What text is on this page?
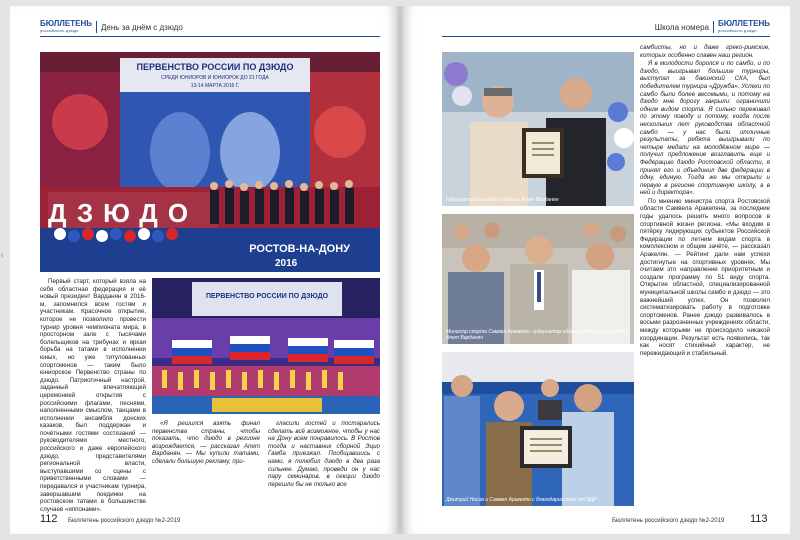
‹
БЮЛЛЕТЕНЬ
российского дзюдо	День за днём с дзюдо
ПЕРВЕНСТВО РОССИИ ПО ДЗЮДО
СРЕДИ ЮНИОРОВ И ЮНИОРОК ДО 21 ГОДА
13-14 МАРТА 2016 Г.
ДЗЮДО
РОСТОВ-НА-ДОНУ
2016

Первый старт, который взяла на себя областная федерация и её новый президент Варданян в 2016-м, запомнился всем гостям и участникам. Красочное открытие, которое не позволило провести турнир уровня чемпионата мира, в просторном зале с тысячами болельщиков на трибунах и яркая борьба на татами в исполнении юных, но уже титулованных спортсменов — таким было юниорское Первенство страны по дзюдо. Патриотичный настрой, заданный впечатляющей церемонией открытия с российскими флагами, песнями, наполненными смыслом, танцами в исполнении ансамбля донских казаков, был поддержан и почётными гостями состязаний — руководителями местного, российского и даже европейского дзюдо, представителями региональной власти, выступавшими со сцены с приветственными словами — передавался и участникам турнира, завершавшим поединки на ростовском татами в большинстве случаев «иппонами».

ПЕРВЕНСТВО РОССИИ ПО ДЗЮДО

«Я решился взять финал первенства страны, чтобы показать, что дзюдо в регионе возрождается, — рассказал Апет Варданян. — Мы купили татами, сделали большую рекламу, при-

гласили гостей и постарались сделать всё возможное, чтобы у нас на Дону всем понравилось. В Ростов тогда и наставник сборной Эцио Гамба приезжал. Пообщавшись с нами, я полюбил дзюдо в два раза сильнее. Думаю, проведи он у нас пару семинаров, в секции дзюдо перешли бы не только все

112 Бюллетень российского дзюдо №2-2019
Школа номера БЮЛЛЕТЕНЬ
российского дзюдо
Губернатор Василий Голубев и Апет Варданян
Министр спорта Самвел Аракелян, губернатор области Василий Голубев и Апет Варданян
Дмитрий Носов и Самвел Аракелян с благодарностью от ФДР

самбисты, но и даже греко-римские, которых особенно славен наш регион.

Я в молодости боролся и по самбо, и по дзюдо, выигрывал большие турниры, выступал за бакинский СКА, был победителем турнира «Дружба». Успехи по самбо были более весомыми, и потому на дзюдо мне дорогу закрыли: ограничили одним видом спорта. Я сильно переживал по этому поводу и потому, когда после нескольких лет руководства областной самбо — у нас были отличные результаты, ребята выигрывали по четыре медали на молодёжном мире — получил предложение возглавить еще и Федерацию дзюдо Ростовской области, я принял его и объединил две федерации в одну, единую. Тогда же мы открыли и первую в регионе спортивную школу, а в ней и директора».

По мнению министра спорта Ростовской области Самвела Аракеляна, за последние годы удалось решить много вопросов в спортивной жизни региона. «Мы входим в пятёрку лидирующих субъектов Российской Федерации по летним видам спорта в комплексном и общем зачёте, — рассказал Аракелян. — Рейтинг дали нам успехи достигнутые на спортивных уровнях. Мы считаем это направление приоритетным и создали программу по 51 виду спорта. Открытие областной, специализированной муниципальной школы самбо и дзюдо — это важнейший успех. Он позволил систематизировать работу в подготовке спортсменов. Ранее дзюдо развивалось в восьми разрозненных учреждениях области, между которыми не происходило никакой координации. Результат есть появились, так как носят стихийный характер, не пережидающий и стабильный.

Бюллетень российского дзюдо №2-2019 113
